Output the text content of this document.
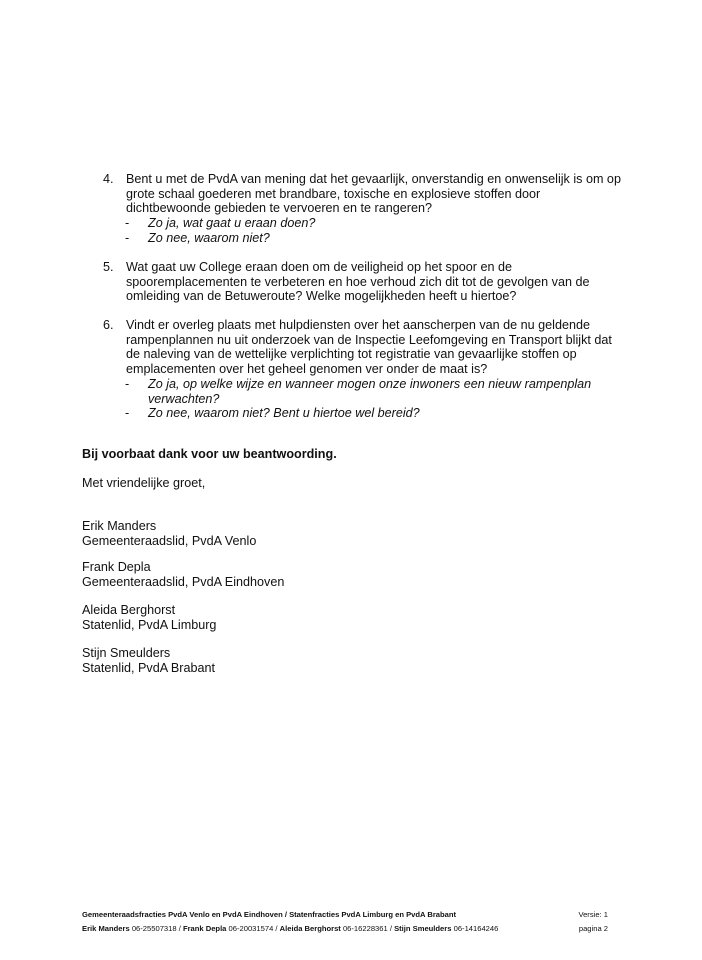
4. Bent u met de PvdA van mening dat het gevaarlijk, onverstandig en onwenselijk is om op
grote schaal goederen met brandbare, toxische en explosieve stoffen door
dichtbewoonde gebieden te vervoeren en te rangeren?
- Zo ja, wat gaat u eraan doen?
- Zo nee, waarom niet?
5. Wat gaat uw College eraan doen om de veiligheid op het spoor en de
spooremplacementen te verbeteren en hoe verhoud zich dit tot de gevolgen van de
omleiding van de Betuweroute? Welke mogelijkheden heeft u hiertoe?
6. Vindt er overleg plaats met hulpdiensten over het aanscherpen van de nu geldende
rampenplannen nu uit onderzoek van de Inspectie Leefomgeving en Transport blijkt dat
de naleving van de wettelijke verplichting tot registratie van gevaarlijke stoffen op
emplacementen over het geheel genomen ver onder de maat is?
- Zo ja, op welke wijze en wanneer mogen onze inwoners een nieuw rampenplan
verwachten?
- Zo nee, waarom niet? Bent u hiertoe wel bereid?
Bij voorbaat dank voor uw beantwoording.
Met vriendelijke groet,
Erik Manders
Gemeenteraadslid, PvdA Venlo
Frank Depla
Gemeenteraadslid, PvdA Eindhoven
Aleida Berghorst
Statenlid, PvdA Limburg
Stijn Smeulders
Statenlid, PvdA Brabant
Gemeenteraadsfracties PvdA Venlo en PvdA Eindhoven / Statenfracties PvdA Limburg en PvdA Brabant	Versie: 1
Erik Manders 06-25507318 / Frank Depla 06-20031574 / Aleida Berghorst 06-16228361 / Stijn Smeulders 06-14164246	pagina 2
